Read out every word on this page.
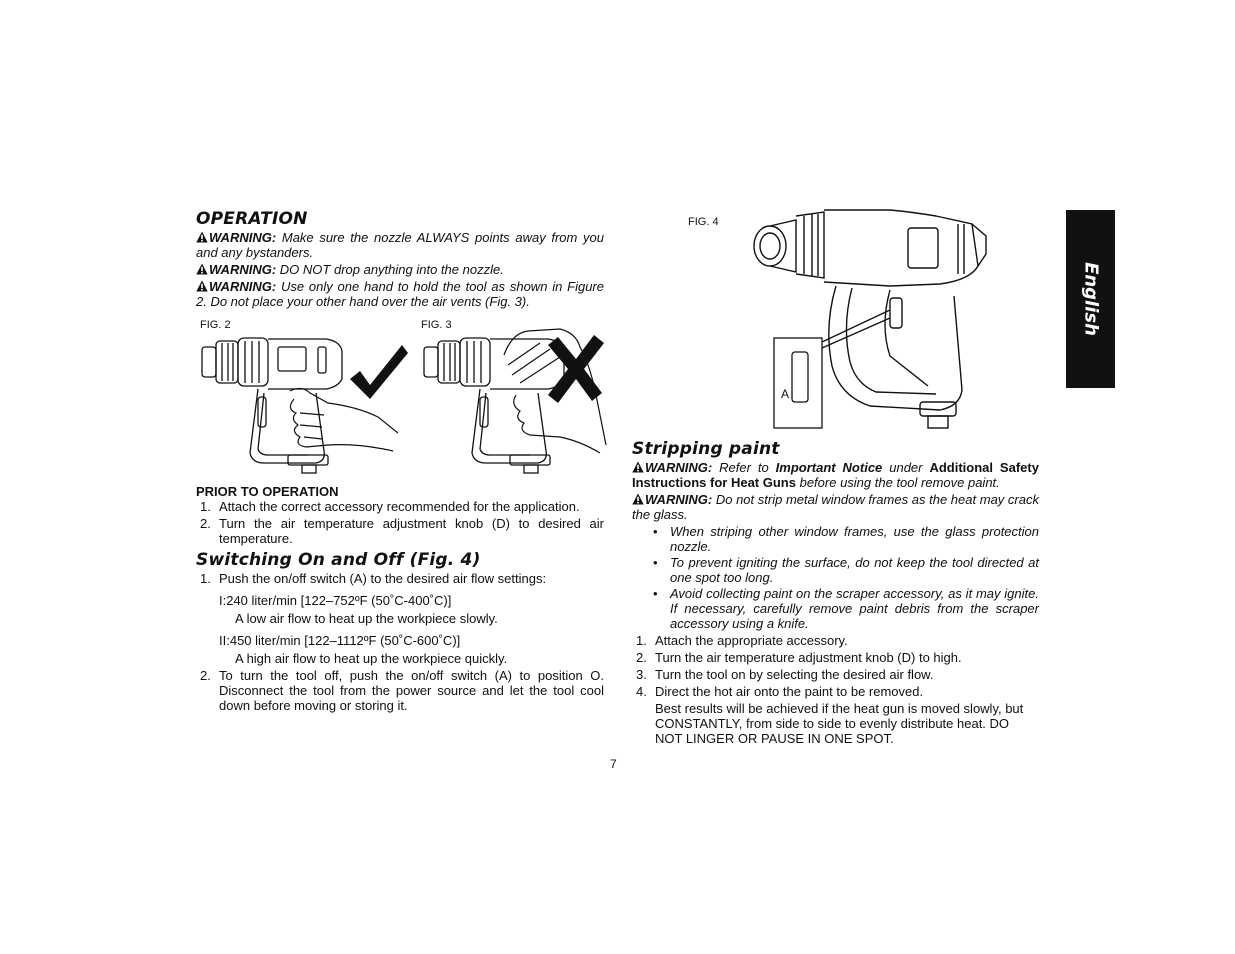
OPERATION

WARNING: Make sure the nozzle ALWAYS points away from you and any bystanders.

WARNING: DO NOT drop anything into the nozzle.

WARNING: Use only one hand to hold the tool as shown in Figure 2. Do not place your other hand over the air vents (Fig. 3).

PRIOR TO OPERATION

1. Attach the correct accessory recommended for the application.
2. Turn the air temperature adjustment knob (D) to desired air temperature.
Switching On and Off (Fig. 4)
1. Push the on/off switch (A) to the desired air flow settings:

I:240 liter/min [122–752ºF (50˚C-400˚C)]

A low air flow to heat up the workpiece slowly.

II:450 liter/min [122–1112ºF (50˚C-600˚C)]

A high air flow to heat up the workpiece quickly.

2. To turn the tool off, push the on/off switch (A) to position O. Disconnect the tool from the power source and let the tool cool down before moving or storing it.
FIG. 2	FIG. 3
FIG. 4
A
Stripping paint

WARNING: Refer to Important Notice under Additional Safety Instructions for Heat Guns before using the tool remove paint.

WARNING: Do not strip metal window frames as the heat may crack the glass.

• When striping other window frames, use the glass protection nozzle.
• To prevent igniting the surface, do not keep the tool directed at one spot too long.
• Avoid collecting paint on the scraper accessory, as it may ignite. If necessary, carefully remove paint debris from the scraper accessory using a knife.
1. Attach the appropriate accessory.
2. Turn the air temperature adjustment knob (D) to high.
3. Turn the tool on by selecting the desired air flow.
4. Direct the hot air onto the paint to be removed.

Best results will be achieved if the heat gun is moved slowly, but CONSTANTLY, from side to side to evenly distribute heat. DO NOT LINGER OR PAUSE IN ONE SPOT.

English
7
